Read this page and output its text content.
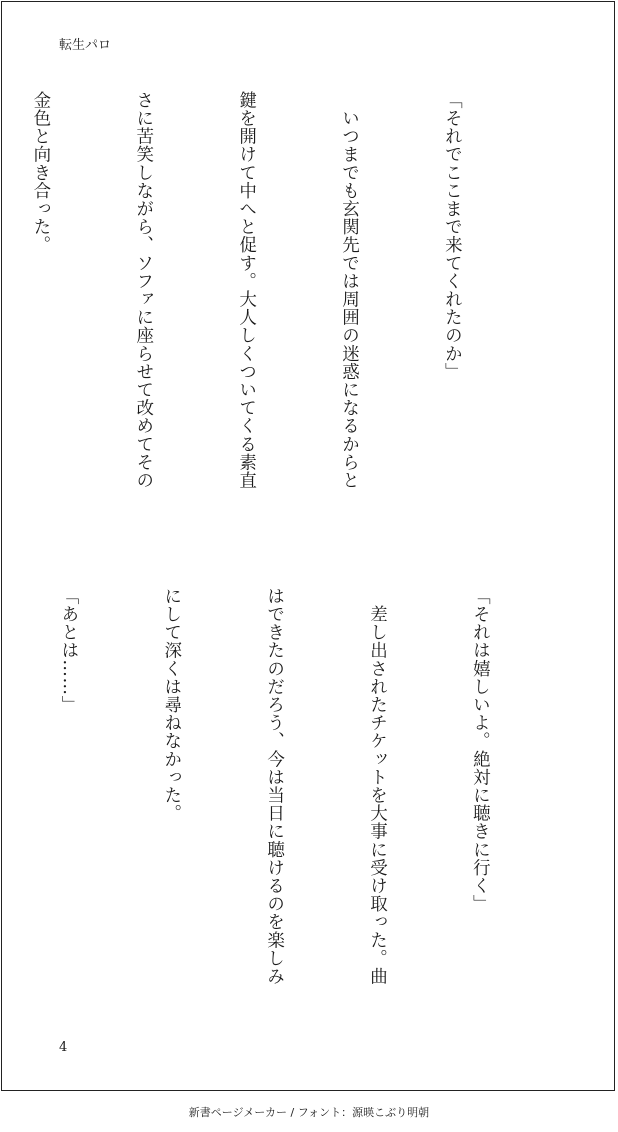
転生パロ

「それでここまで来てくれたのか」

　いつまでも玄関先では周囲の迷惑になるからと

鍵を開けて中へと促す。大人しくついてくる素直

さに苦笑しながら、ソファに座らせて改めてその

金色と向き合った。

「それは嬉しいよ。絶対に聴きに行く」

　差し出されたチケットを大事に受け取った。曲

はできたのだろう、今は当日に聴けるのを楽しみ

にして深くは尋ねなかった。

「あとは……」

4
新書ページメーカー / フォント：源暎こぶり明朝
